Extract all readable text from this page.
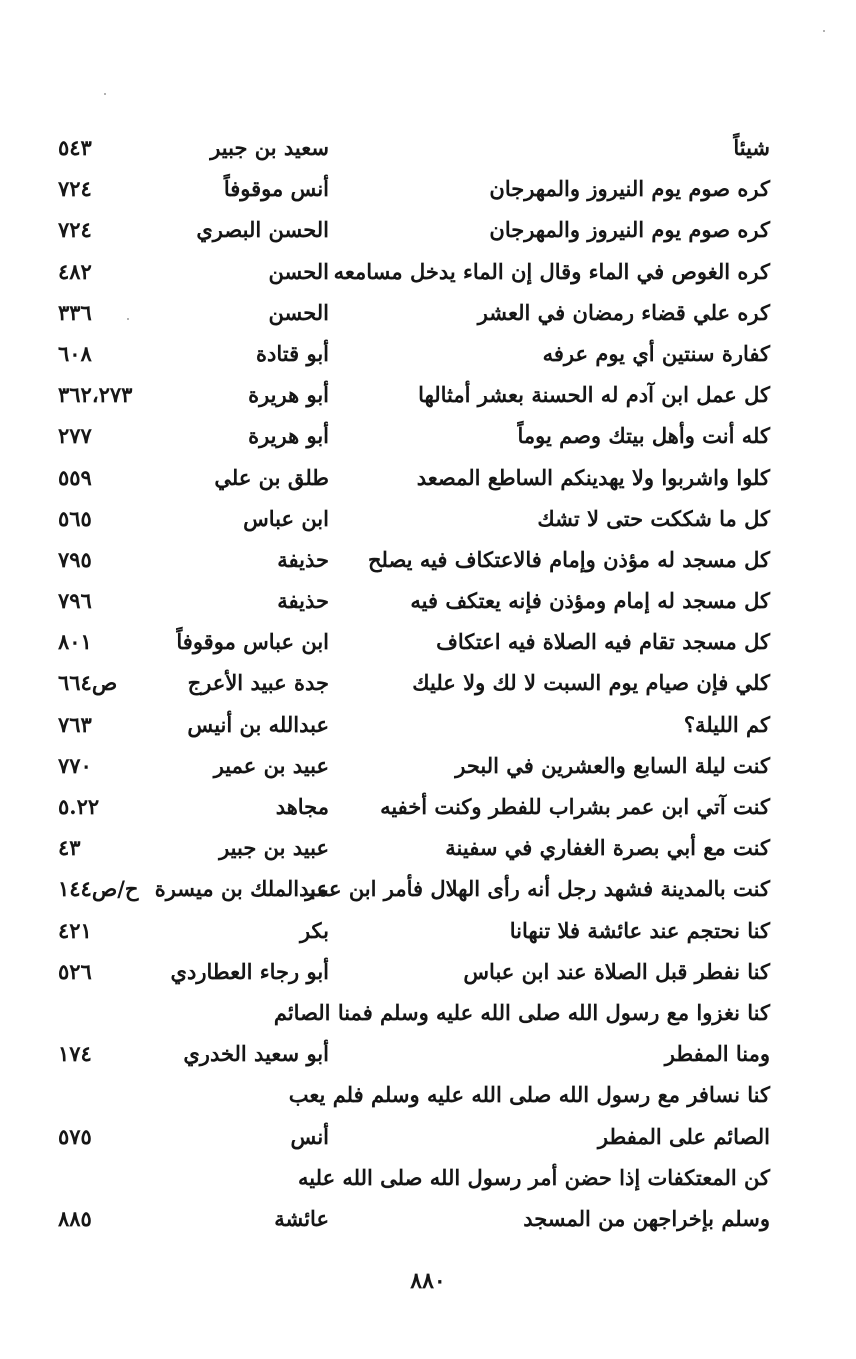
شيئاً
سعيد بن جبير
٥٤٣
كره صوم يوم النيروز والمهرجان
أنس موقوفاً
٧٢٤
كره صوم يوم النيروز والمهرجان
الحسن البصري
٧٢٤
كره الغوص في الماء وقال إن الماء يدخل مسامعه
الحسن
٤٨٢
كره علي قضاء رمضان في العشر
الحسن
٣٣٦
كفارة سنتين أي يوم عرفه
أبو قتادة
٦٠٨
كل عمل ابن آدم له الحسنة بعشر أمثالها
أبو هريرة
٣٦٢،٢٧٣
كله أنت وأهل بيتك وصم يوماً
أبو هريرة
٢٧٧
كلوا واشربوا ولا يهدينكم الساطع المصعد
طلق بن علي
٥٥٩
كل ما شككت حتى لا تشك
ابن عباس
٥٦٥
كل مسجد له مؤذن وإمام فالاعتكاف فيه يصلح
حذيفة
٧٩٥
كل مسجد له إمام ومؤذن فإنه يعتكف فيه
حذيفة
٧٩٦
كل مسجد تقام فيه الصلاة فيه اعتكاف
ابن عباس موقوفاً
٨٠١
كلي فإن صيام يوم السبت لا لك ولا عليك
جدة عبيد الأعرج
ص٦٦٤
كم الليلة؟
عبدالله بن أنيس
٧٦٣
كنت ليلة السابع والعشرين في البحر
عبيد بن عمير
٧٧٠
كنت آتي ابن عمر بشراب للفطر وكنت أخفيه
مجاهد
٥.٢٢
كنت مع أبي بصرة الغفاري في سفينة
عبيد بن جبير
٤٣
كنت بالمدينة فشهد رجل أنه رأى الهلال فأمر ابن عمر
عبدالملك بن ميسرة
ح/ص١٤٤
كنا نحتجم عند عائشة فلا تنهانا
بكر
٤٢١
كنا نفطر قبل الصلاة عند ابن عباس
أبو رجاء العطاردي
٥٢٦
كنا نغزوا مع رسول الله صلى الله عليه وسلم فمنا الصائم
ومنا المفطر
أبو سعيد الخدري
١٧٤
كنا نسافر مع رسول الله صلى الله عليه وسلم فلم يعب
الصائم على المفطر
أنس
٥٧٥
كن المعتكفات إذا حضن أمر رسول الله صلى الله عليه
وسلم بإخراجهن من المسجد
عائشة
٨٨٥
٨٨٠
